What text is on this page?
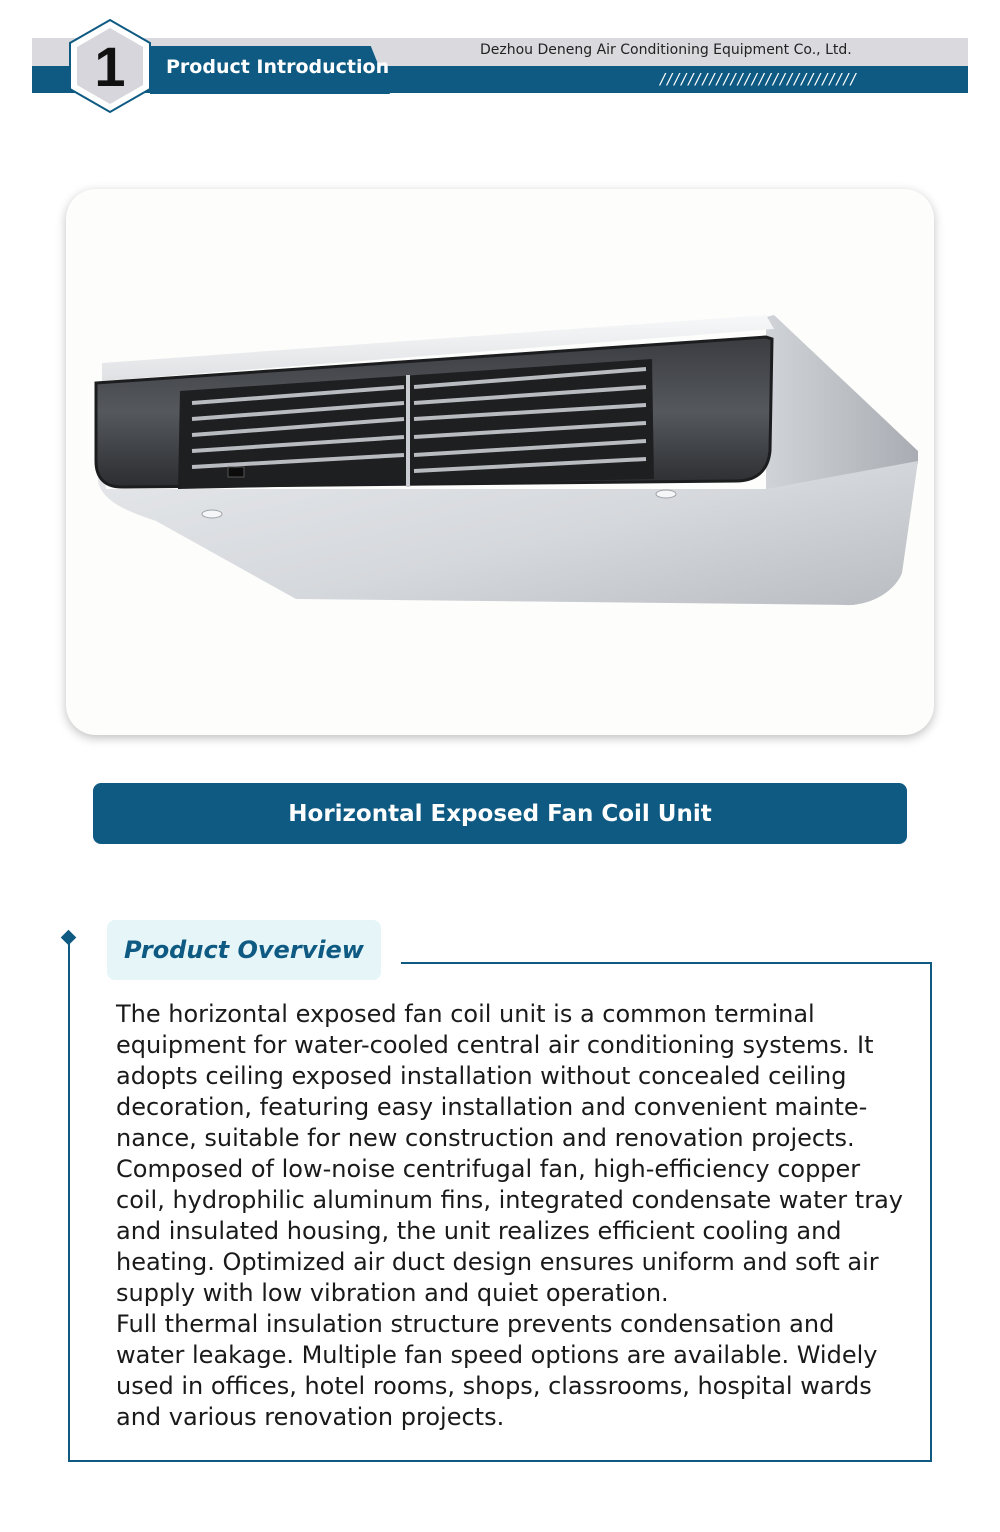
Product Introduction
1	Dezhou Deneng Air Conditioning Equipment Co., Ltd.
////////////////////////////
Horizontal Exposed Fan Coil Unit
Product Overview

The horizontal exposed fan coil unit is a common terminal equipment for water-cooled central air conditioning systems. It adopts ceiling exposed installation without concealed ceiling decoration, featuring easy installation and convenient mainte-nance, suitable for new construction and renovation projects. Composed of low-noise centrifugal fan, high-efficiency copper coil, hydrophilic aluminum fins, integrated condensate water tray and insulated housing, the unit realizes efficient cooling and heating. Optimized air duct design ensures uniform and soft air supply with low vibration and quiet operation.

Full thermal insulation structure prevents condensation and water leakage. Multiple fan speed options are available. Widely used in offices, hotel rooms, shops, classrooms, hospital wards and various renovation projects.
